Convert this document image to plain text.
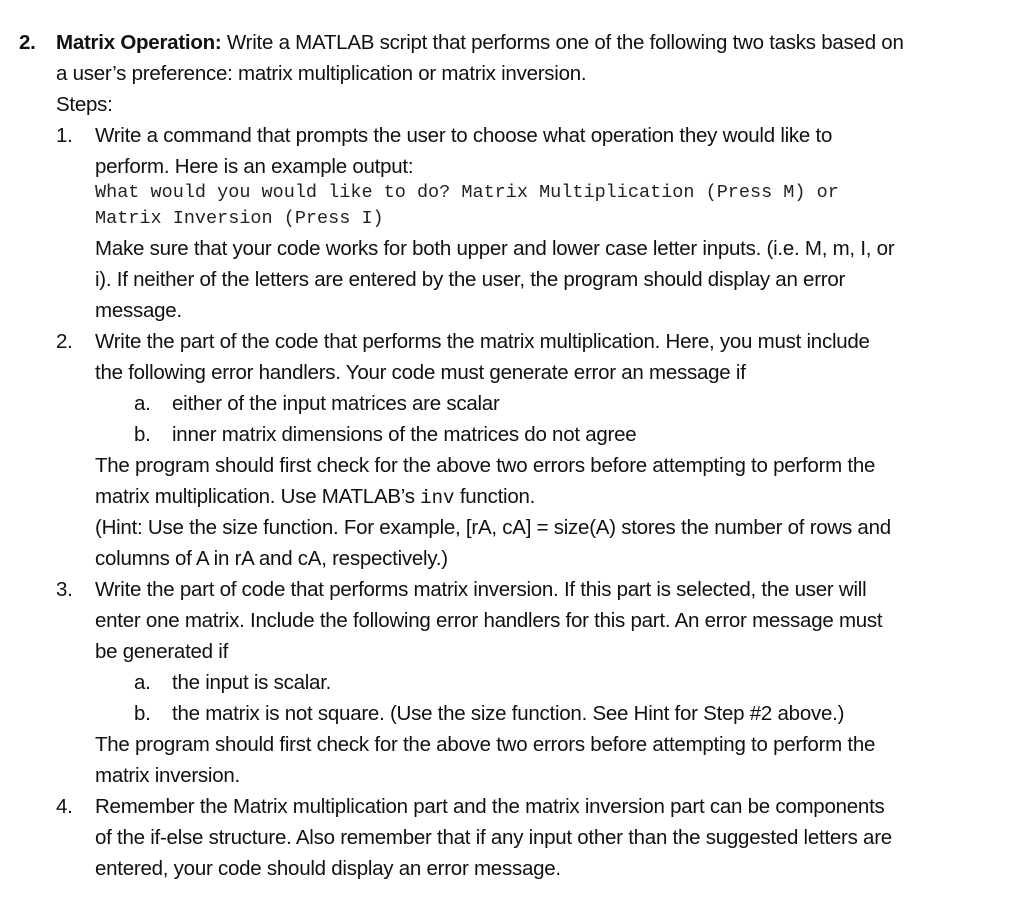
2. Matrix Operation: Write a MATLAB script that performs one of the following two tasks based on
a user’s preference: matrix multiplication or matrix inversion.
Steps:
1. Write a command that prompts the user to choose what operation they would like to
perform. Here is an example output:
What would you would like to do? Matrix Multiplication (Press M) or
Matrix Inversion (Press I)
Make sure that your code works for both upper and lower case letter inputs. (i.e. M, m, I, or
i). If neither of the letters are entered by the user, the program should display an error
message.
2. Write the part of the code that performs the matrix multiplication. Here, you must include
the following error handlers. Your code must generate error an message if
a. either of the input matrices are scalar
b. inner matrix dimensions of the matrices do not agree
The program should first check for the above two errors before attempting to perform the
matrix multiplication. Use MATLAB’s inv function.
(Hint: Use the size function. For example, [rA, cA] = size(A) stores the number of rows and
columns of A in rA and cA, respectively.)
3. Write the part of code that performs matrix inversion. If this part is selected, the user will
enter one matrix. Include the following error handlers for this part. An error message must
be generated if
a. the input is scalar.
b. the matrix is not square. (Use the size function. See Hint for Step #2 above.)
The program should first check for the above two errors before attempting to perform the
matrix inversion.
4. Remember the Matrix multiplication part and the matrix inversion part can be components
of the if-else structure. Also remember that if any input other than the suggested letters are
entered, your code should display an error message.
